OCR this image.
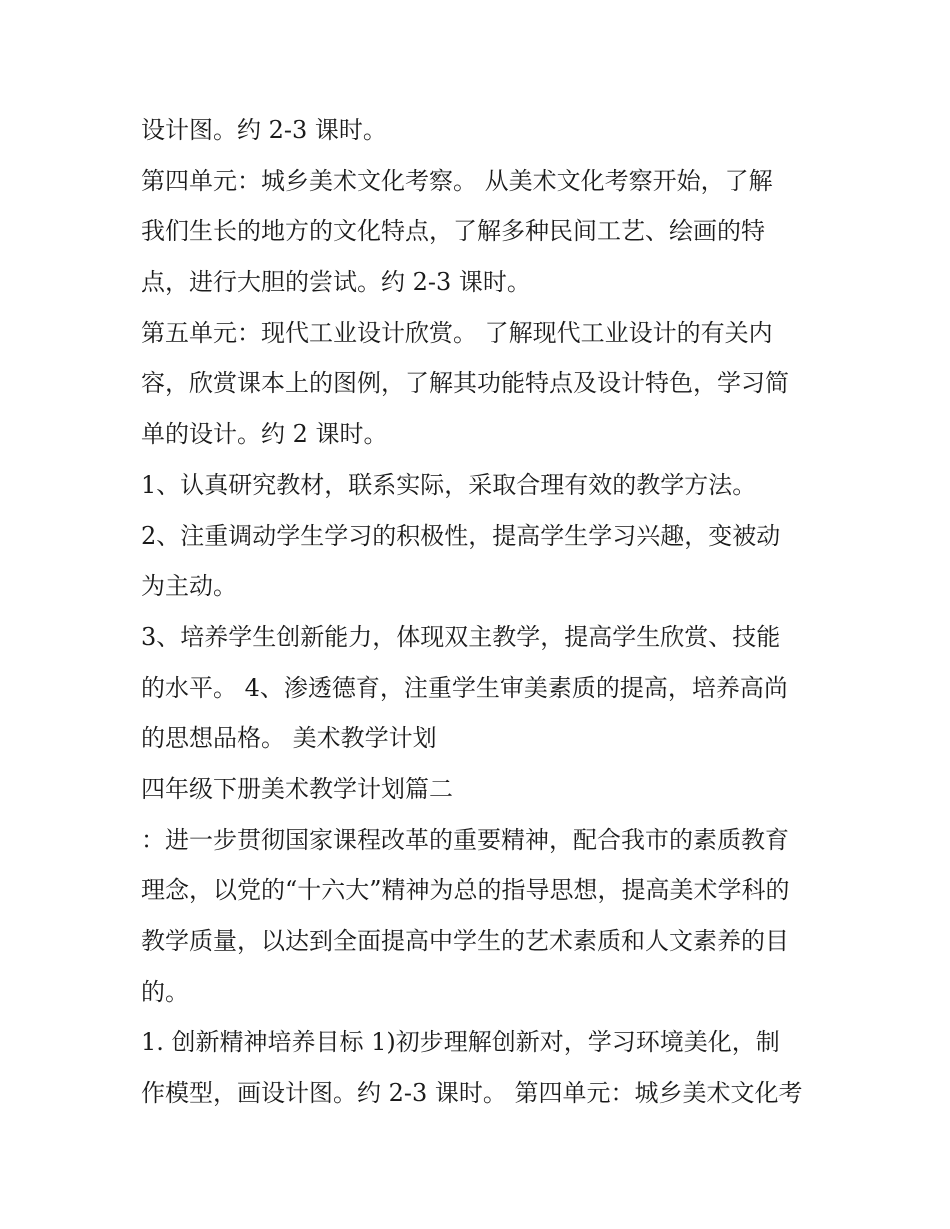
设计图。约 2-3 课时。
第四单元：城乡美术文化考察。 从美术文化考察开始，了解
我们生长的地方的文化特点，了解多种民间工艺、绘画的特
点，进行大胆的尝试。约 2-3 课时。
第五单元：现代工业设计欣赏。 了解现代工业设计的有关内
容，欣赏课本上的图例，了解其功能特点及设计特色，学习简
单的设计。约 2 课时。
1、认真研究教材，联系实际，采取合理有效的教学方法。
2、注重调动学生学习的积极性，提高学生学习兴趣，变被动
为主动。
3、培养学生创新能力，体现双主教学，提高学生欣赏、技能
的水平。 4、渗透德育，注重学生审美素质的提高，培养高尚
的思想品格。 美术教学计划
四年级下册美术教学计划篇二
：进一步贯彻国家课程改革的重要精神，配合我市的素质教育
理念，以党的“十六大”精神为总的指导思想，提高美术学科的
教学质量，以达到全面提高中学生的艺术素质和人文素养的目
的。
1. 创新精神培养目标 1)初步理解创新对，学习环境美化，制
作模型，画设计图。约 2-3 课时。 第四单元：城乡美术文化考
